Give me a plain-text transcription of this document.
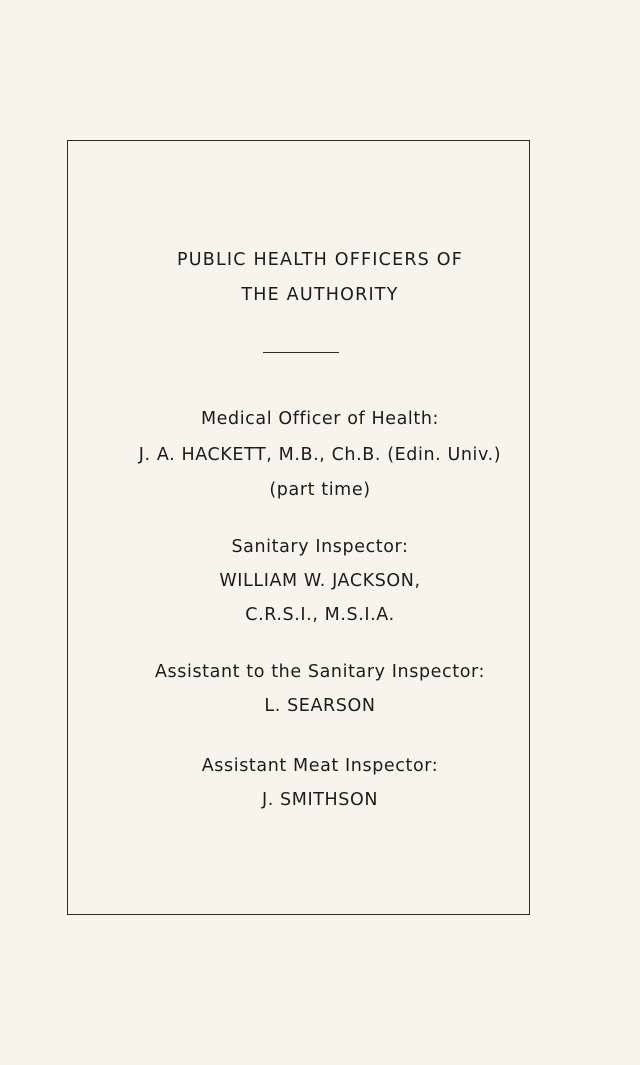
PUBLIC HEALTH OFFICERS OF
THE AUTHORITY
Medical Officer of Health:
J. A. HACKETT, M.B., Ch.B. (Edin. Univ.)
(part time)
Sanitary Inspector:
WILLIAM W. JACKSON,
C.R.S.I., M.S.I.A.
Assistant to the Sanitary Inspector:
L. SEARSON
Assistant Meat Inspector:
J. SMITHSON
